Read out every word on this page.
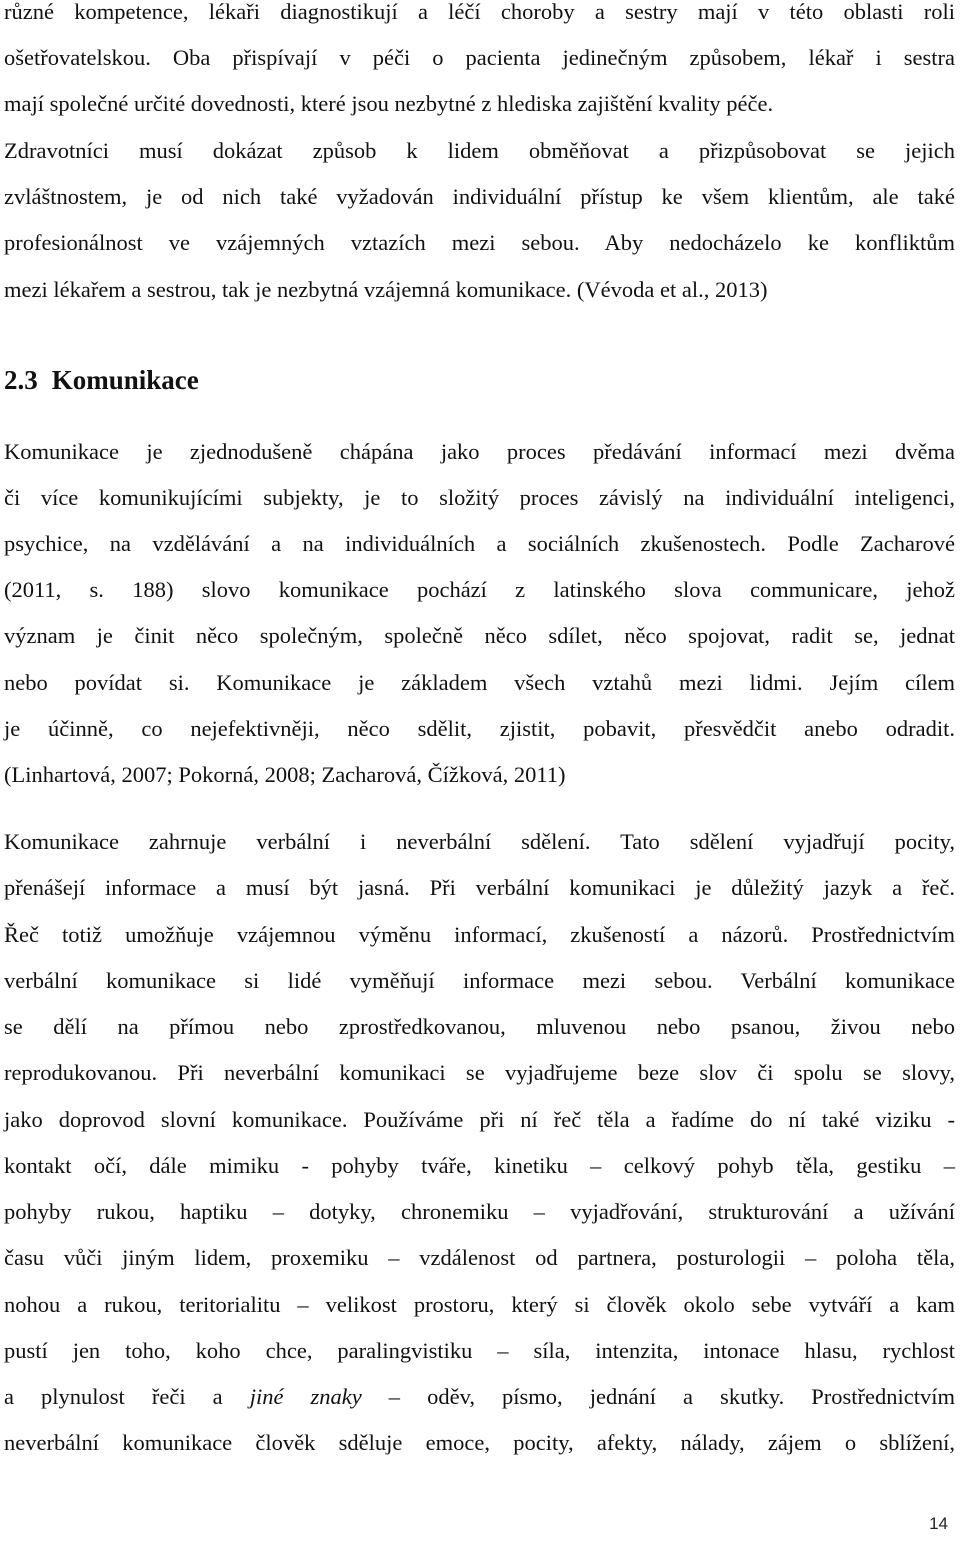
různé kompetence, lékaři diagnostikují a léčí choroby a sestry mají v této oblasti roli
ošetřovatelskou. Oba přispívají v péči o pacienta jedinečným způsobem, lékař i sestra
mají společné určité dovednosti, které jsou nezbytné z hlediska zajištění kvality péče.
Zdravotníci musí dokázat způsob k lidem obměňovat a přizpůsobovat se jejich
zvláštnostem, je od nich také vyžadován individuální přístup ke všem klientům, ale také
profesionálnost ve vzájemných vztazích mezi sebou. Aby nedocházelo ke konfliktům
mezi lékařem a sestrou, tak je nezbytná vzájemná komunikace. (Vévoda et al., 2013)
2.3 Komunikace
Komunikace je zjednodušeně chápána jako proces předávání informací mezi dvěma
či více komunikujícími subjekty, je to složitý proces závislý na individuální inteligenci,
psychice, na vzdělávání a na individuálních a sociálních zkušenostech. Podle Zacharové
(2011, s. 188) slovo komunikace pochází z latinského slova communicare, jehož
význam je činit něco společným, společně něco sdílet, něco spojovat, radit se, jednat
nebo povídat si. Komunikace je základem všech vztahů mezi lidmi. Jejím cílem
je účinně, co nejefektivněji, něco sdělit, zjistit, pobavit, přesvědčit anebo odradit.
(Linhartová, 2007; Pokorná, 2008; Zacharová, Čížková, 2011)
Komunikace zahrnuje verbální i neverbální sdělení. Tato sdělení vyjadřují pocity,
přenášejí informace a musí být jasná. Při verbální komunikaci je důležitý jazyk a řeč.
Řeč totiž umožňuje vzájemnou výměnu informací, zkušeností a názorů. Prostřednictvím
verbální komunikace si lidé vyměňují informace mezi sebou. Verbální komunikace
se dělí na přímou nebo zprostředkovanou, mluvenou nebo psanou, živou nebo
reprodukovanou. Při neverbální komunikaci se vyjadřujeme beze slov či spolu se slovy,
jako doprovod slovní komunikace. Používáme při ní řeč těla a řadíme do ní také viziku -
kontakt očí, dále mimiku - pohyby tváře, kinetiku – celkový pohyb těla, gestiku –
pohyby rukou, haptiku – dotyky, chronemiku – vyjadřování, strukturování a užívání
času vůči jiným lidem, proxemiku – vzdálenost od partnera, posturologii – poloha těla,
nohou a rukou, teritorialitu – velikost prostoru, který si člověk okolo sebe vytváří a kam
pustí jen toho, koho chce, paralingvistiku – síla, intenzita, intonace hlasu, rychlost
a plynulost řeči a jiné znaky – oděv, písmo, jednání a skutky. Prostřednictvím
neverbální komunikace člověk sděluje emoce, pocity, afekty, nálady, zájem o sblížení,
14
